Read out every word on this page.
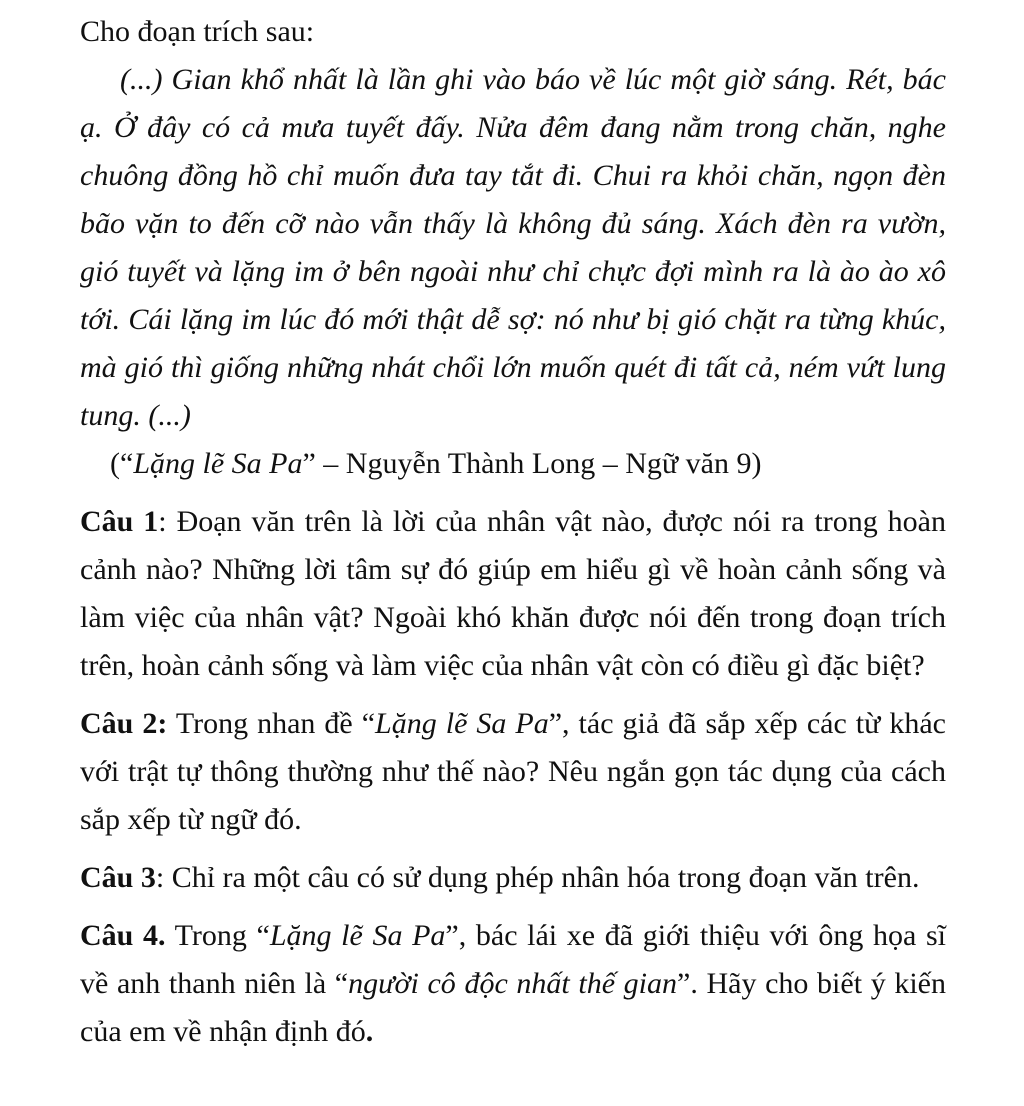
Cho đoạn trích sau:

(...) Gian khổ nhất là lần ghi vào báo về lúc một giờ sáng. Rét, bác ạ. Ở đây có cả mưa tuyết đấy. Nửa đêm đang nằm trong chăn, nghe chuông đồng hồ chỉ muốn đưa tay tắt đi. Chui ra khỏi chăn, ngọn đèn bão vặn to đến cỡ nào vẫn thấy là không đủ sáng. Xách đèn ra vườn, gió tuyết và lặng im ở bên ngoài như chỉ chực đợi mình ra là ào ào xô tới. Cái lặng im lúc đó mới thật dễ sợ: nó như bị gió chặt ra từng khúc, mà gió thì giống những nhát chổi lớn muốn quét đi tất cả, ném vứt lung tung. (...)

(“Lặng lẽ Sa Pa” – Nguyễn Thành Long – Ngữ văn 9)

Câu 1: Đoạn văn trên là lời của nhân vật nào, được nói ra trong hoàn cảnh nào? Những lời tâm sự đó giúp em hiểu gì về hoàn cảnh sống và làm việc của nhân vật? Ngoài khó khăn được nói đến trong đoạn trích trên, hoàn cảnh sống và làm việc của nhân vật còn có điều gì đặc biệt?

Câu 2: Trong nhan đề “Lặng lẽ Sa Pa”, tác giả đã sắp xếp các từ khác với trật tự thông thường như thế nào? Nêu ngắn gọn tác dụng của cách sắp xếp từ ngữ đó.

Câu 3: Chỉ ra một câu có sử dụng phép nhân hóa trong đoạn văn trên.

Câu 4. Trong “Lặng lẽ Sa Pa”, bác lái xe đã giới thiệu với ông họa sĩ về anh thanh niên là “người cô độc nhất thế gian”. Hãy cho biết ý kiến của em về nhận định đó.
